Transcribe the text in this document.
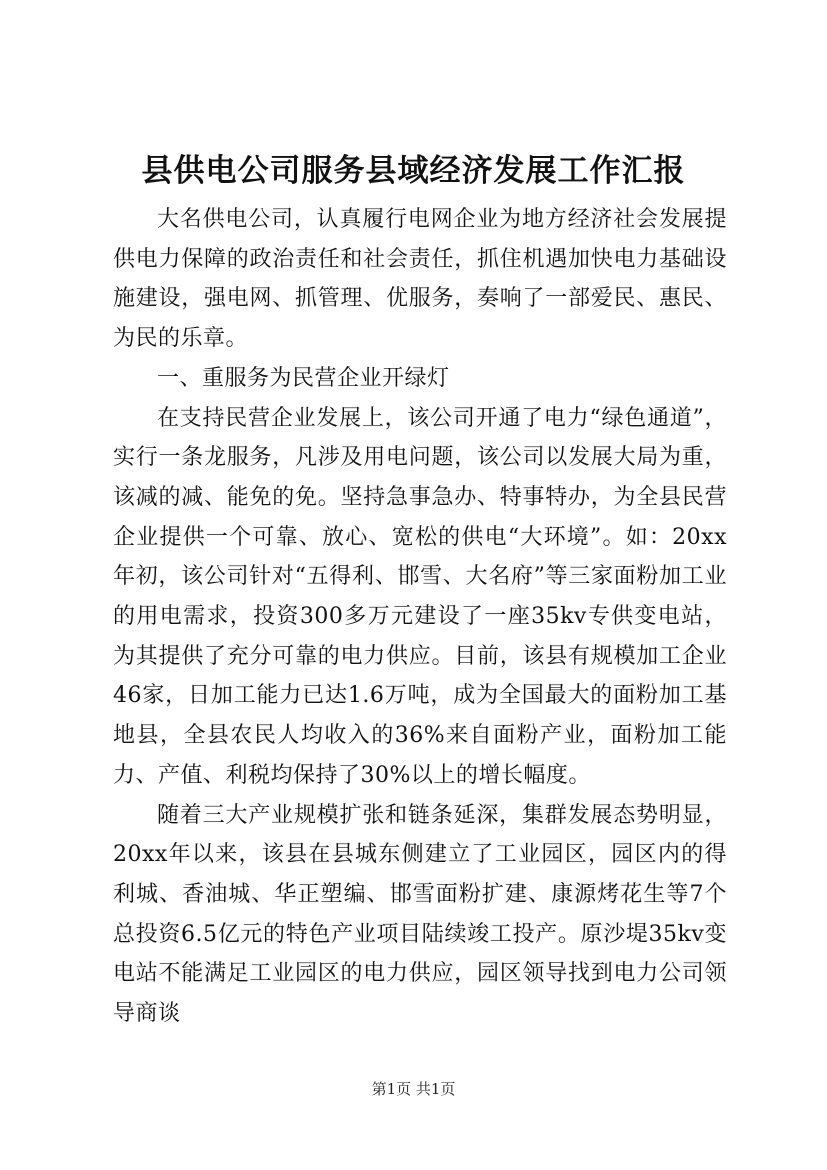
县供电公司服务县域经济发展工作汇报

大名供电公司，认真履行电网企业为地方经济社会发展提供电力保障的政治责任和社会责任，抓住机遇加快电力基础设施建设，强电网、抓管理、优服务，奏响了一部爱民、惠民、为民的乐章。

一、重服务为民营企业开绿灯

在支持民营企业发展上，该公司开通了电力“绿色通道”，实行一条龙服务，凡涉及用电问题，该公司以发展大局为重，该减的减、能免的免。坚持急事急办、特事特办，为全县民营企业提供一个可靠、放心、宽松的供电“大环境”。如：20xx年初，该公司针对“五得利、邯雪、大名府”等三家面粉加工业的用电需求，投资300多万元建设了一座35kv专供变电站，为其提供了充分可靠的电力供应。目前，该县有规模加工企业46家，日加工能力已达1.6万吨，成为全国最大的面粉加工基地县，全县农民人均收入的36%来自面粉产业，面粉加工能力、产值、利税均保持了30%以上的增长幅度。

随着三大产业规模扩张和链条延深，集群发展态势明显，20xx年以来，该县在县城东侧建立了工业园区，园区内的得利城、香油城、华正塑编、邯雪面粉扩建、康源烤花生等7个总投资6.5亿元的特色产业项目陆续竣工投产。原沙堤35kv变电站不能满足工业园区的电力供应，园区领导找到电力公司领导商谈

第1页 共1页
